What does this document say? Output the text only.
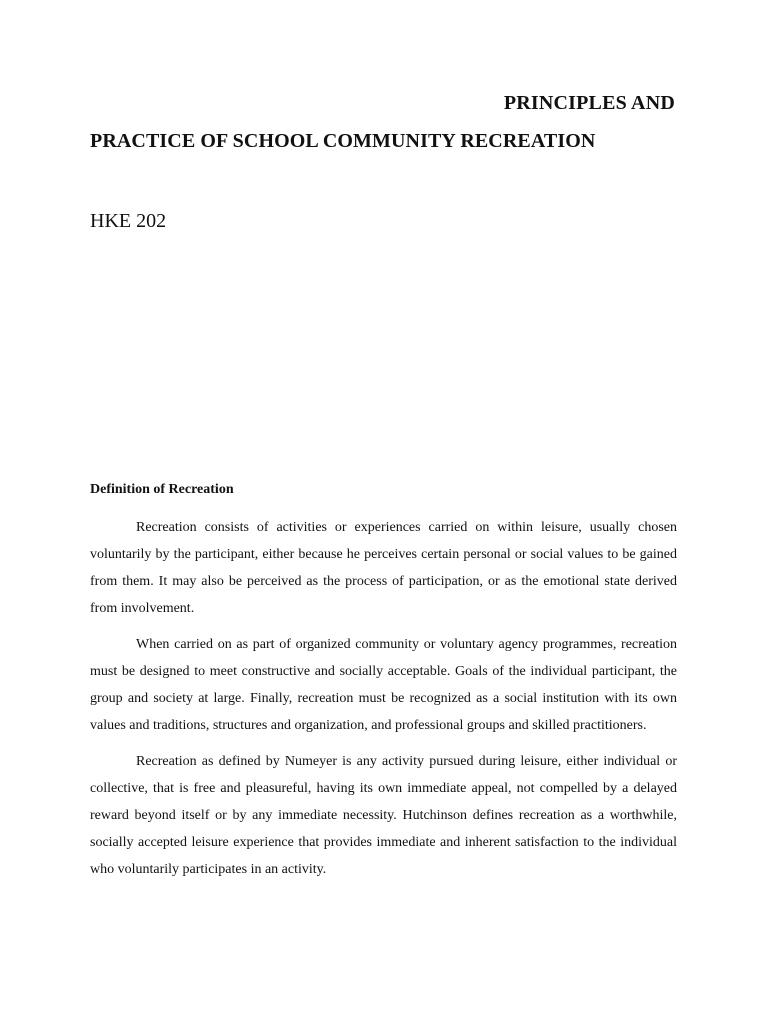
PRINCIPLES AND
PRACTICE OF SCHOOL COMMUNITY RECREATION
HKE 202
Definition of Recreation

Recreation consists of activities or experiences carried on within leisure, usually chosen voluntarily by the participant, either because he perceives certain personal or social values to be gained from them. It may also be perceived as the process of participation, or as the emotional state derived from involvement.

When carried on as part of organized community or voluntary agency programmes, recreation must be designed to meet constructive and socially acceptable. Goals of the individual participant, the group and society at large. Finally, recreation must be recognized as a social institution with its own values and traditions, structures and organization, and professional groups and skilled practitioners.

Recreation as defined by Numeyer is any activity pursued during leisure, either individual or collective, that is free and pleasureful, having its own immediate appeal, not compelled by a delayed reward beyond itself or by any immediate necessity. Hutchinson defines recreation as a worthwhile, socially accepted leisure experience that provides immediate and inherent satisfaction to the individual who voluntarily participates in an activity.
